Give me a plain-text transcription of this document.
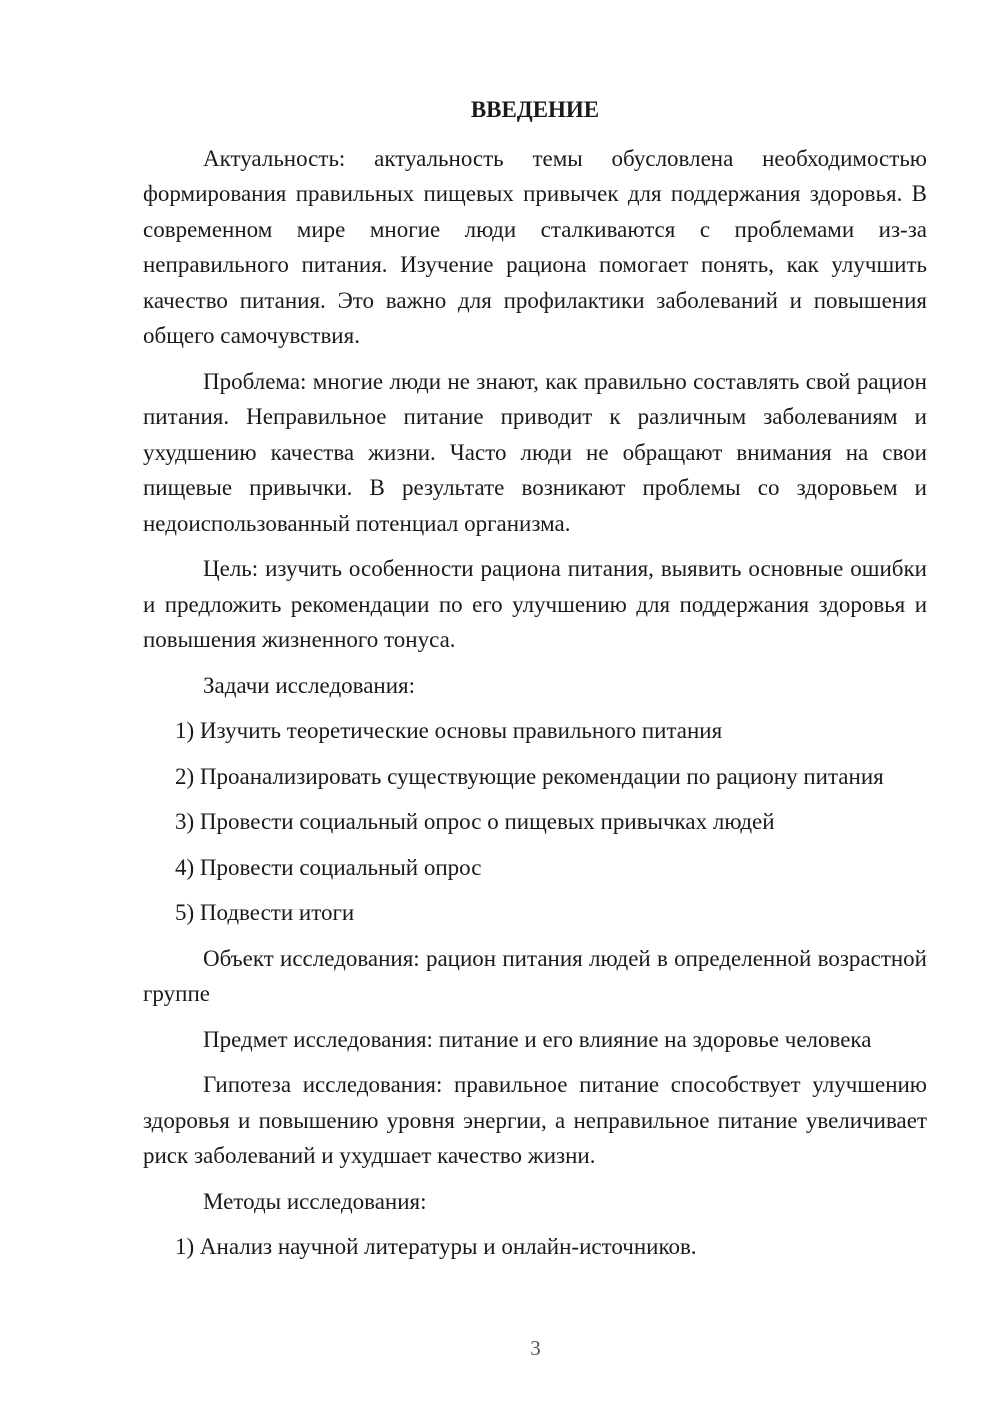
ВВЕДЕНИЕ

Актуальность: актуальность темы обусловлена необходимостью формирования правильных пищевых привычек для поддержания здоровья. В современном мире многие люди сталкиваются с проблемами из-за неправильного питания. Изучение рациона помогает понять, как улучшить качество питания. Это важно для профилактики заболеваний и повышения общего самочувствия.

Проблема: многие люди не знают, как правильно составлять свой рацион питания. Неправильное питание приводит к различным заболеваниям и ухудшению качества жизни. Часто люди не обращают внимания на свои пищевые привычки. В результате возникают проблемы со здоровьем и недоиспользованный потенциал организма.

Цель: изучить особенности рациона питания, выявить основные ошибки и предложить рекомендации по его улучшению для поддержания здоровья и повышения жизненного тонуса.

Задачи исследования:

1) Изучить теоретические основы правильного питания

2) Проанализировать существующие рекомендации по рациону питания

3) Провести социальный опрос о пищевых привычках людей

4) Провести социальный опрос

5) Подвести итоги

Объект исследования: рацион питания людей в определенной возрастной группе

Предмет исследования: питание и его влияние на здоровье человека

Гипотеза исследования: правильное питание способствует улучшению здоровья и повышению уровня энергии, а неправильное питание увеличивает риск заболеваний и ухудшает качество жизни.

Методы исследования:

1) Анализ научной литературы и онлайн-источников.

3
